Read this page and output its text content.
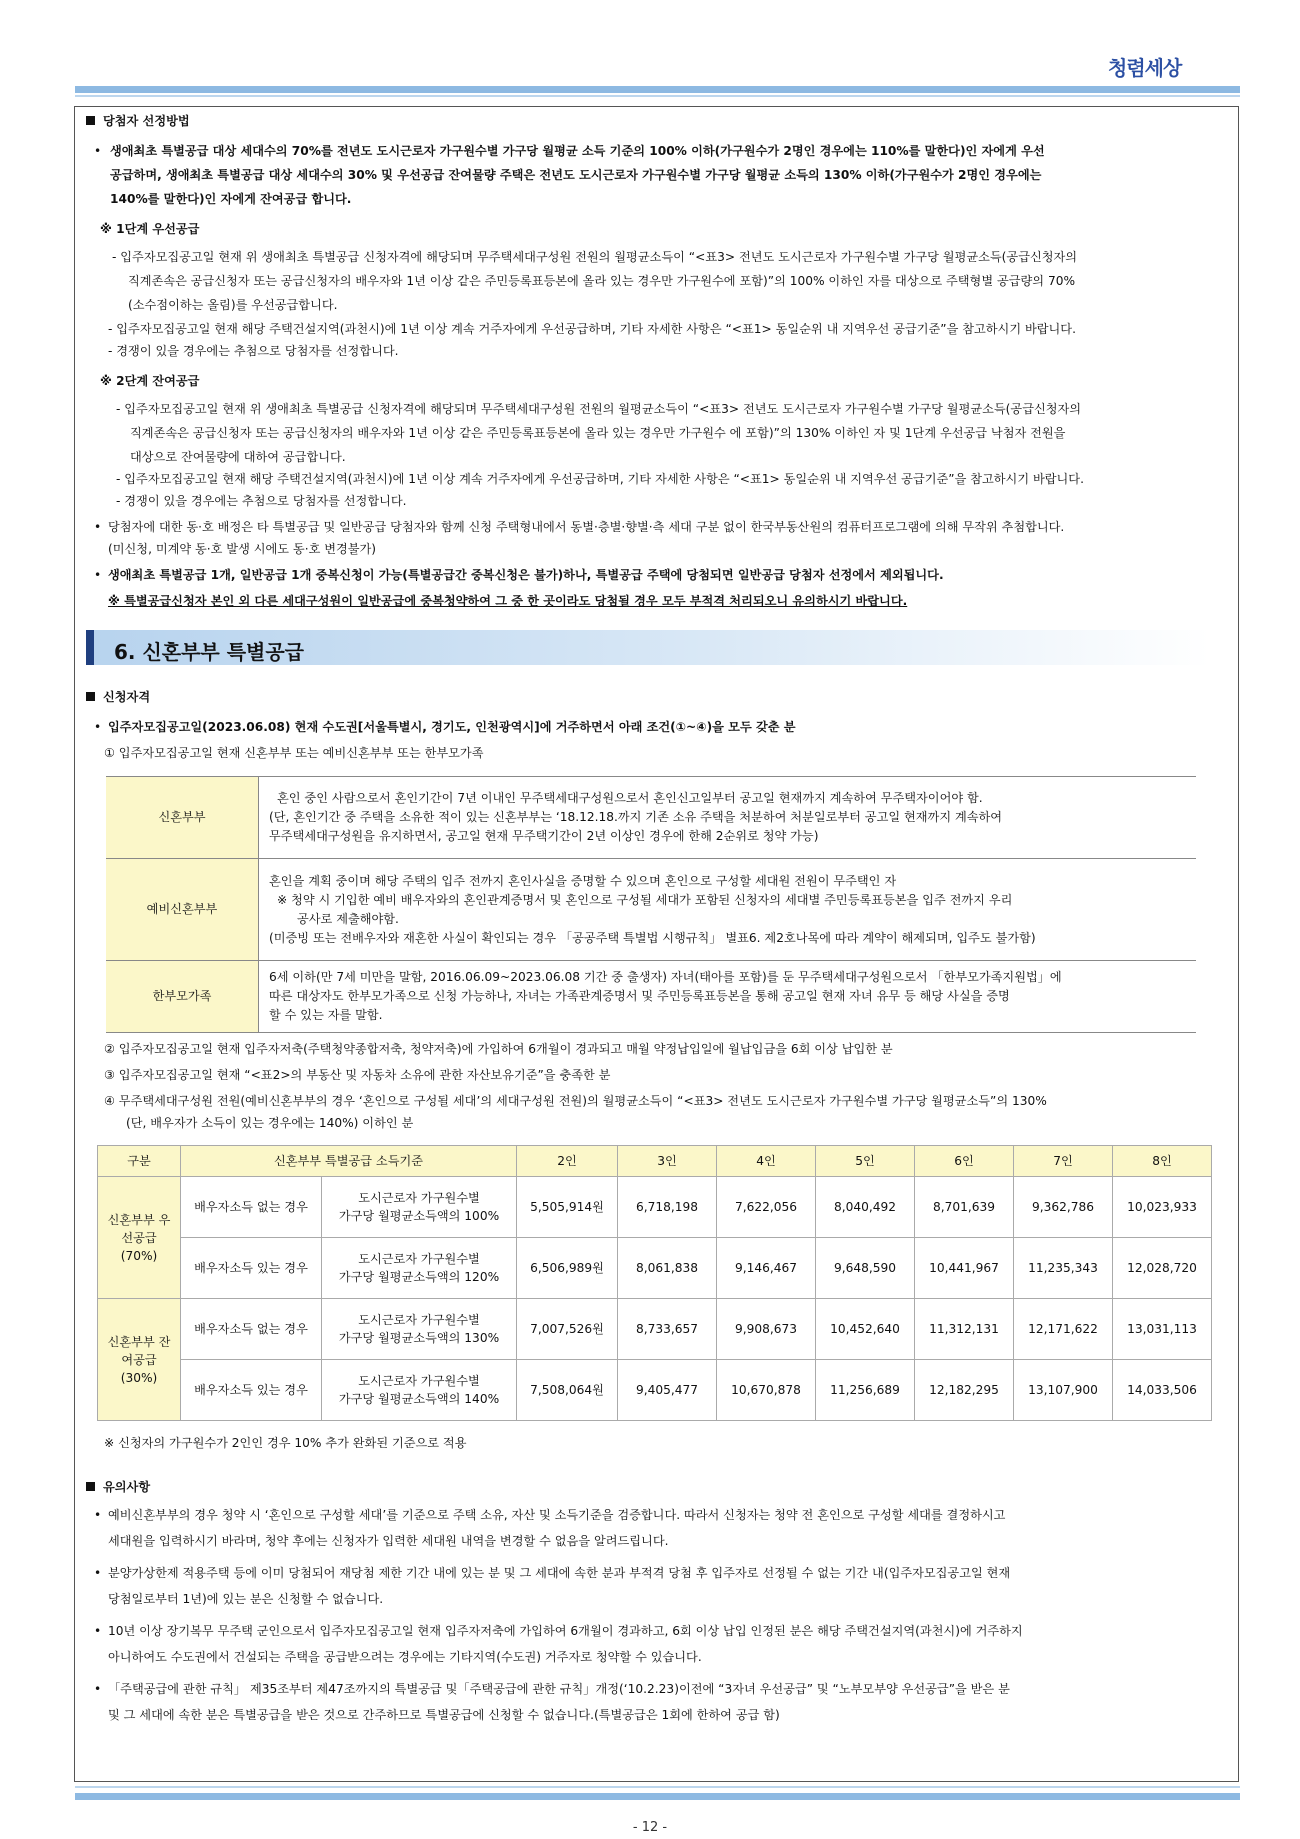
청렴세상
- 12 -
당첨자 선정방법
• 생애최초 특별공급 대상 세대수의 70%를 전년도 도시근로자 가구원수별 가구당 월평균 소득 기준의 100% 이하(가구원수가 2명인 경우에는 110%를 말한다)인 자에게 우선
공급하며, 생애최초 특별공급 대상 세대수의 30% 및 우선공급 잔여물량 주택은 전년도 도시근로자 가구원수별 가구당 월평균 소득의 130% 이하(가구원수가 2명인 경우에는
140%를 말한다)인 자에게 잔여공급 합니다.
※ 1단계 우선공급
- 입주자모집공고일 현재 위 생애최초 특별공급 신청자격에 해당되며 무주택세대구성원 전원의 월평균소득이 “<표3> 전년도 도시근로자 가구원수별 가구당 월평균소득(공급신청자의
직계존속은 공급신청자 또는 공급신청자의 배우자와 1년 이상 같은 주민등록표등본에 올라 있는 경우만 가구원수에 포함)”의 100% 이하인 자를 대상으로 주택형별 공급량의 70%
(소수점이하는 올림)를 우선공급합니다.
- 입주자모집공고일 현재 해당 주택건설지역(과천시)에 1년 이상 계속 거주자에게 우선공급하며, 기타 자세한 사항은 “<표1> 동일순위 내 지역우선 공급기준”을 참고하시기 바랍니다.
- 경쟁이 있을 경우에는 추첨으로 당첨자를 선정합니다.
※ 2단계 잔여공급
- 입주자모집공고일 현재 위 생애최초 특별공급 신청자격에 해당되며 무주택세대구성원 전원의 월평균소득이 “<표3> 전년도 도시근로자 가구원수별 가구당 월평균소득(공급신청자의
직계존속은 공급신청자 또는 공급신청자의 배우자와 1년 이상 같은 주민등록표등본에 올라 있는 경우만 가구원수 에 포함)”의 130% 이하인 자 및 1단계 우선공급 낙첨자 전원을
대상으로 잔여물량에 대하여 공급합니다.
- 입주자모집공고일 현재 해당 주택건설지역(과천시)에 1년 이상 계속 거주자에게 우선공급하며, 기타 자세한 사항은 “<표1> 동일순위 내 지역우선 공급기준”을 참고하시기 바랍니다.
- 경쟁이 있을 경우에는 추첨으로 당첨자를 선정합니다.
• 당첨자에 대한 동·호 배정은 타 특별공급 및 일반공급 당첨자와 함께 신청 주택형내에서 동별·층별·향별·측 세대 구분 없이 한국부동산원의 컴퓨터프로그램에 의해 무작위 추첨합니다.
(미신청, 미계약 동·호 발생 시에도 동·호 변경불가)
• 생애최초 특별공급 1개, 일반공급 1개 중복신청이 가능(특별공급간 중복신청은 불가)하나, 특별공급 주택에 당첨되면 일반공급 당첨자 선정에서 제외됩니다.
※ 특별공급신청자 본인 외 다른 세대구성원이 일반공급에 중복청약하여 그 중 한 곳이라도 당첨될 경우 모두 부적격 처리되오니 유의하시기 바랍니다.
6. 신혼부부 특별공급
신청자격
• 입주자모집공고일(2023.06.08) 현재 수도권[서울특별시, 경기도, 인천광역시]에 거주하면서 아래 조건(①~④)을 모두 갖춘 분
① 입주자모집공고일 현재 신혼부부 또는 예비신혼부부 또는 한부모가족
신혼부부	혼인 중인 사람으로서 혼인기간이 7년 이내인 무주택세대구성원으로서 혼인신고일부터 공고일 현재까지 계속하여 무주택자이어야 함.
(단, 혼인기간 중 주택을 소유한 적이 있는 신혼부부는 ‘18.12.18.까지 기존 소유 주택을 처분하여 처분일로부터 공고일 현재까지 계속하여
무주택세대구성원을 유지하면서, 공고일 현재 무주택기간이 2년 이상인 경우에 한해 2순위로 청약 가능)

예비신혼부부	혼인을 계획 중이며 해당 주택의 입주 전까지 혼인사실을 증명할 수 있으며 혼인으로 구성할 세대원 전원이 무주택인 자
※ 청약 시 기입한 예비 배우자와의 혼인관계증명서 및 혼인으로 구성될 세대가 포함된 신청자의 세대별 주민등록표등본을 입주 전까지 우리
공사로 제출해야함.
(미증빙 또는 전배우자와 재혼한 사실이 확인되는 경우 「공공주택 특별법 시행규칙」 별표6. 제2호나목에 따라 계약이 해제되며, 입주도 불가함)

한부모가족	6세 이하(만 7세 미만을 말함, 2016.06.09~2023.06.08 기간 중 출생자) 자녀(태아를 포함)를 둔 무주택세대구성원으로서 「한부모가족지원법」에
따른 대상자도 한부모가족으로 신청 가능하나, 자녀는 가족관계증명서 및 주민등록표등본을 통해 공고일 현재 자녀 유무 등 해당 사실을 증명
할 수 있는 자를 말함.
② 입주자모집공고일 현재 입주자저축(주택청약종합저축, 청약저축)에 가입하여 6개월이 경과되고 매월 약정납입일에 월납입금을 6회 이상 납입한 분
③ 입주자모집공고일 현재 “<표2>의 부동산 및 자동차 소유에 관한 자산보유기준”을 충족한 분
④ 무주택세대구성원 전원(예비신혼부부의 경우 ‘혼인으로 구성될 세대’의 세대구성원 전원)의 월평균소득이 “<표3> 전년도 도시근로자 가구원수별 가구당 월평균소득”의 130%
(단, 배우자가 소득이 있는 경우에는 140%) 이하인 분
구분	신혼부부 특별공급 소득기준		2인	3인	4인	5인	6인	7인	8인
신혼부부 우선공급 (70%)	배우자소득 없는 경우	도시근로자 가구원수별
가구당 월평균소득액의 100%	5,505,914원	6,718,198	7,622,056	8,040,492	8,701,639	9,362,786	10,023,933
	배우자소득 있는 경우	도시근로자 가구원수별
가구당 월평균소득액의 120%	6,506,989원	8,061,838	9,146,467	9,648,590	10,441,967	11,235,343	12,028,720
신혼부부 잔여공급 (30%)	배우자소득 없는 경우	도시근로자 가구원수별
가구당 월평균소득액의 130%	7,007,526원	8,733,657	9,908,673	10,452,640	11,312,131	12,171,622	13,031,113
	배우자소득 있는 경우	도시근로자 가구원수별
가구당 월평균소득액의 140%	7,508,064원	9,405,477	10,670,878	11,256,689	12,182,295	13,107,900	14,033,506
※ 신청자의 가구원수가 2인인 경우 10% 추가 완화된 기준으로 적용
유의사항
• 예비신혼부부의 경우 청약 시 ‘혼인으로 구성할 세대’를 기준으로 주택 소유, 자산 및 소득기준을 검증합니다. 따라서 신청자는 청약 전 혼인으로 구성할 세대를 결정하시고
세대원을 입력하시기 바라며, 청약 후에는 신청자가 입력한 세대원 내역을 변경할 수 없음을 알려드립니다.
• 분양가상한제 적용주택 등에 이미 당첨되어 재당첨 제한 기간 내에 있는 분 및 그 세대에 속한 분과 부적격 당첨 후 입주자로 선정될 수 없는 기간 내(입주자모집공고일 현재
당첨일로부터 1년)에 있는 분은 신청할 수 없습니다.
• 10년 이상 장기복무 무주택 군인으로서 입주자모집공고일 현재 입주자저축에 가입하여 6개월이 경과하고, 6회 이상 납입 인정된 분은 해당 주택건설지역(과천시)에 거주하지
아니하여도 수도권에서 건설되는 주택을 공급받으려는 경우에는 기타지역(수도권) 거주자로 청약할 수 있습니다.
• 「주택공급에 관한 규칙」 제35조부터 제47조까지의 특별공급 및「주택공급에 관한 규칙」개정(‘10.2.23)이전에 “3자녀 우선공급” 및 “노부모부양 우선공급”을 받은 분
및 그 세대에 속한 분은 특별공급을 받은 것으로 간주하므로 특별공급에 신청할 수 없습니다.(특별공급은 1회에 한하여 공급 함)
